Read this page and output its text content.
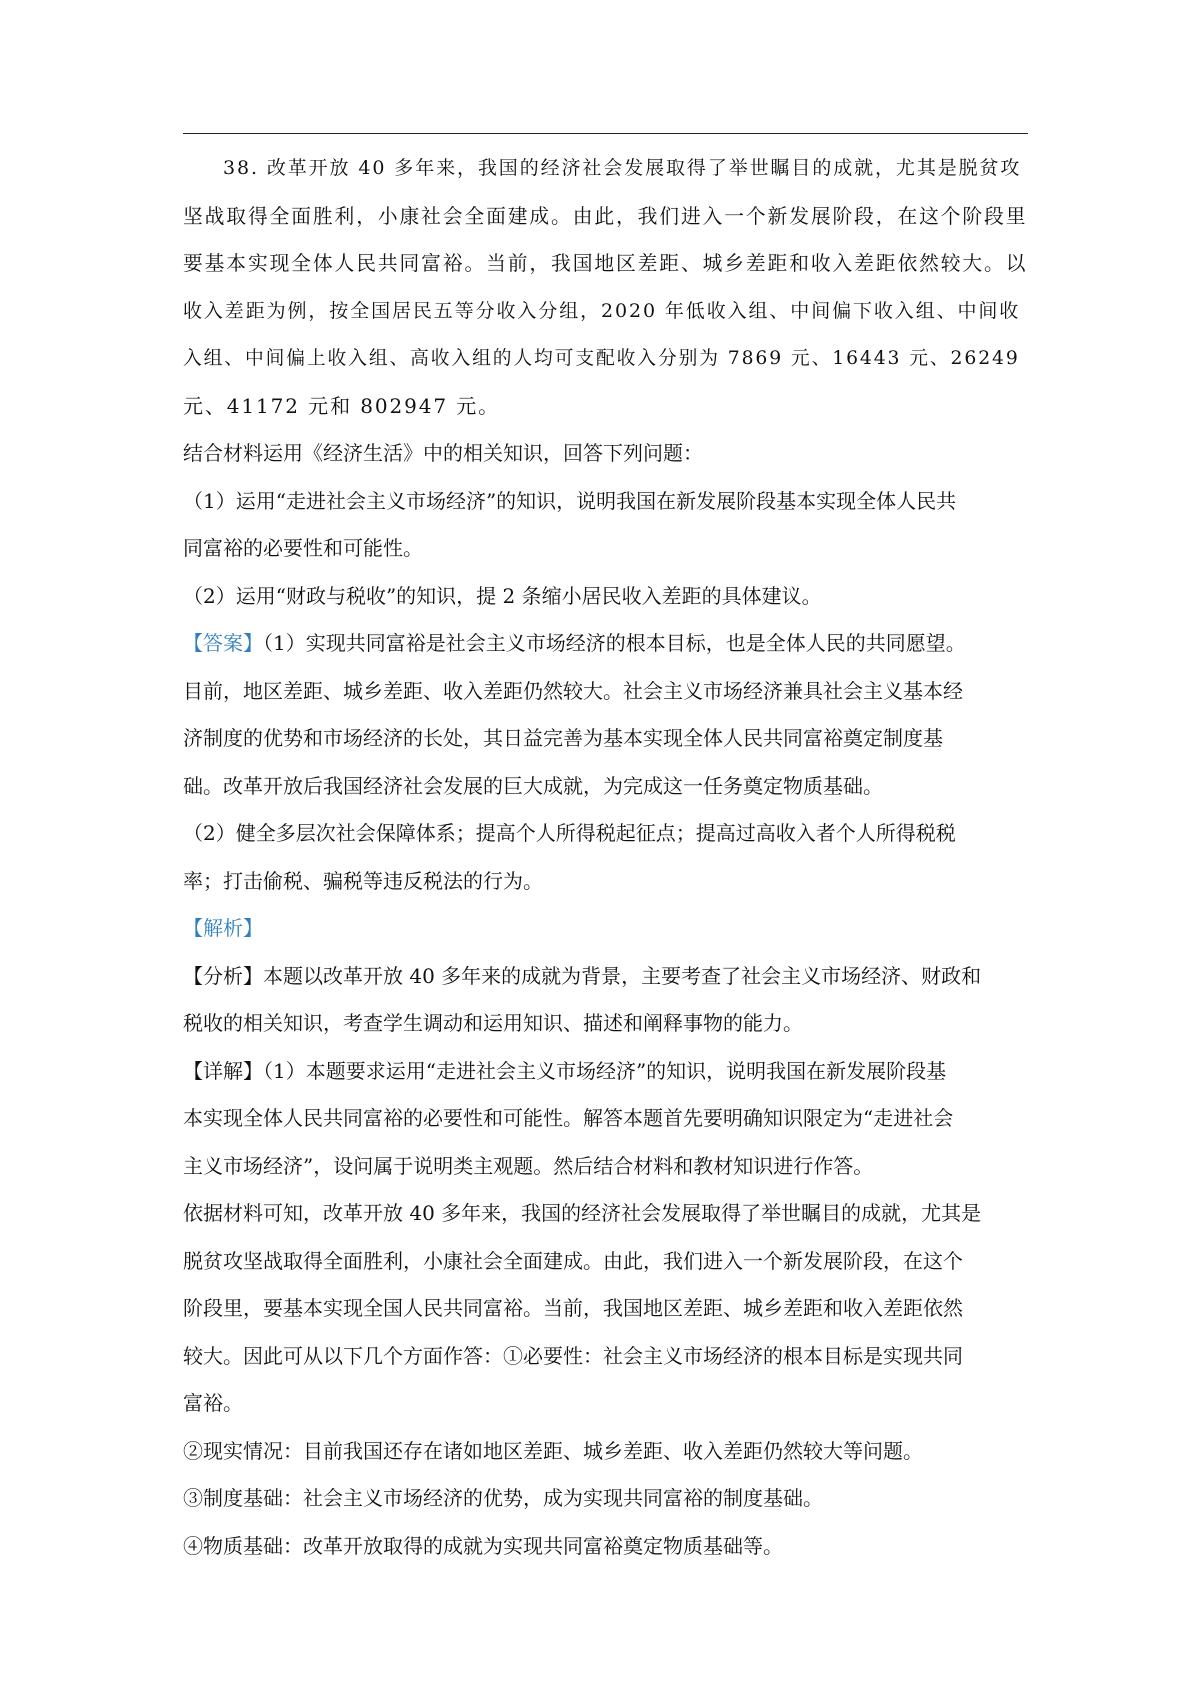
38. 改革开放 40 多年来，我国的经济社会发展取得了举世瞩目的成就，尤其是脱贫攻
坚战取得全面胜利，小康社会全面建成。由此，我们进入一个新发展阶段，在这个阶段里
要基本实现全体人民共同富裕。当前，我国地区差距、城乡差距和收入差距依然较大。以
收入差距为例，按全国居民五等分收入分组，2020 年低收入组、中间偏下收入组、中间收
入组、中间偏上收入组、高收入组的人均可支配收入分别为 7869 元、16443 元、26249
元、41172 元和 802947 元。
结合材料运用《经济生活》中的相关知识，回答下列问题：
（1）运用“走进社会主义市场经济”的知识，说明我国在新发展阶段基本实现全体人民共
同富裕的必要性和可能性。
（2）运用“财政与税收”的知识，提 2 条缩小居民收入差距的具体建议。
【答案】（1）实现共同富裕是社会主义市场经济的根本目标，也是全体人民的共同愿望。
目前，地区差距、城乡差距、收入差距仍然较大。社会主义市场经济兼具社会主义基本经
济制度的优势和市场经济的长处，其日益完善为基本实现全体人民共同富裕奠定制度基
础。改革开放后我国经济社会发展的巨大成就，为完成这一任务奠定物质基础。
（2）健全多层次社会保障体系；提高个人所得税起征点；提高过高收入者个人所得税税
率；打击偷税、骗税等违反税法的行为。
【解析】
【分析】本题以改革开放 40 多年来的成就为背景，主要考查了社会主义市场经济、财政和
税收的相关知识，考查学生调动和运用知识、描述和阐释事物的能力。
【详解】（1）本题要求运用“走进社会主义市场经济”的知识，说明我国在新发展阶段基
本实现全体人民共同富裕的必要性和可能性。解答本题首先要明确知识限定为“走进社会
主义市场经济”，设问属于说明类主观题。然后结合材料和教材知识进行作答。
依据材料可知，改革开放 40 多年来，我国的经济社会发展取得了举世瞩目的成就，尤其是
脱贫攻坚战取得全面胜利，小康社会全面建成。由此，我们进入一个新发展阶段，在这个
阶段里，要基本实现全国人民共同富裕。当前，我国地区差距、城乡差距和收入差距依然
较大。因此可从以下几个方面作答：①必要性：社会主义市场经济的根本目标是实现共同
富裕。
②现实情况：目前我国还存在诸如地区差距、城乡差距、收入差距仍然较大等问题。
③制度基础：社会主义市场经济的优势，成为实现共同富裕的制度基础。
④物质基础：改革开放取得的成就为实现共同富裕奠定物质基础等。
